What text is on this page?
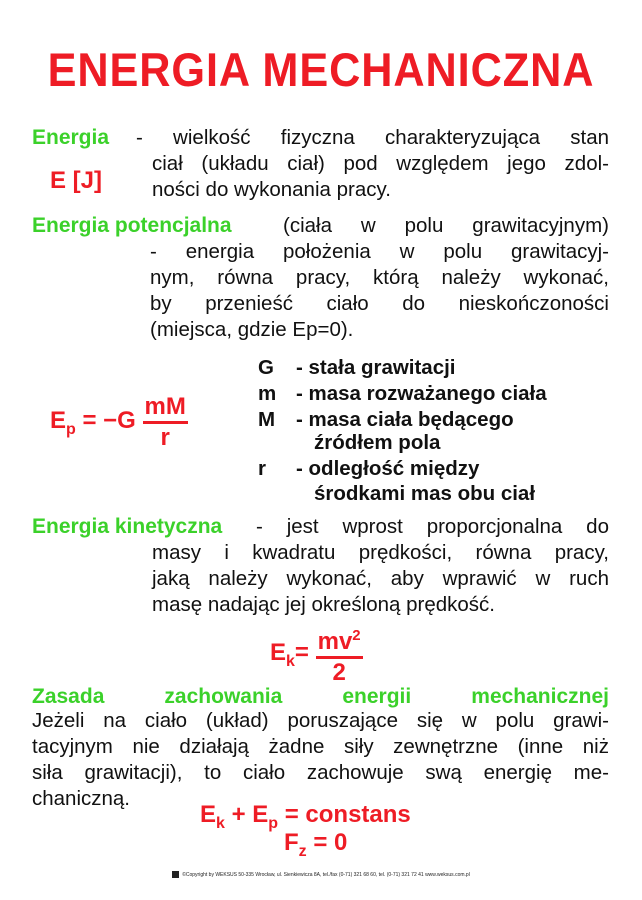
ENERGIA MECHANICZNA
Energia - wielkość fizyczna charakteryzująca stan
E [J]
ciał (układu ciał) pod względem jego zdol-
ności do wykonania pracy.
Energia potencjalna	(ciała w polu grawitacyjnym)
- energia położenia w polu grawitacyj-
nym, równa pracy, którą należy wykonać,
by przenieść ciało do nieskończoności
(miejsca, gdzie Ep=0).
$E_p = -G \frac{mM}{r}$
G - stała grawitacji
m - masa rozważanego ciała
M - masa ciała będącego
źródłem pola
r - odległość między
środkami mas obu ciał
Energia kinetyczna - jest wprost proporcjonalna do
masy i kwadratu prędkości, równa pracy,
jaką należy wykonać, aby wprawić w ruch
masę nadając jej określoną prędkość.
$E_k= \frac{mv^2}{2}$
Zasada zachowania energii mechanicznej
Jeżeli na ciało (układ) poruszające się w polu grawi-
tacyjnym nie działają żadne siły zewnętrzne (inne niż
siła grawitacji), to ciało zachowuje swą energię me-
chaniczną.
$E_k + E_p$ = constans
$F_z = 0$
©Copyright by WEKSUS 50-335 Wrocław, ul. Sienkiewicza 8A, tel./fax (0-71) 321 68 60, tel. (0-71) 321 72 41 www.weksus.com.pl
